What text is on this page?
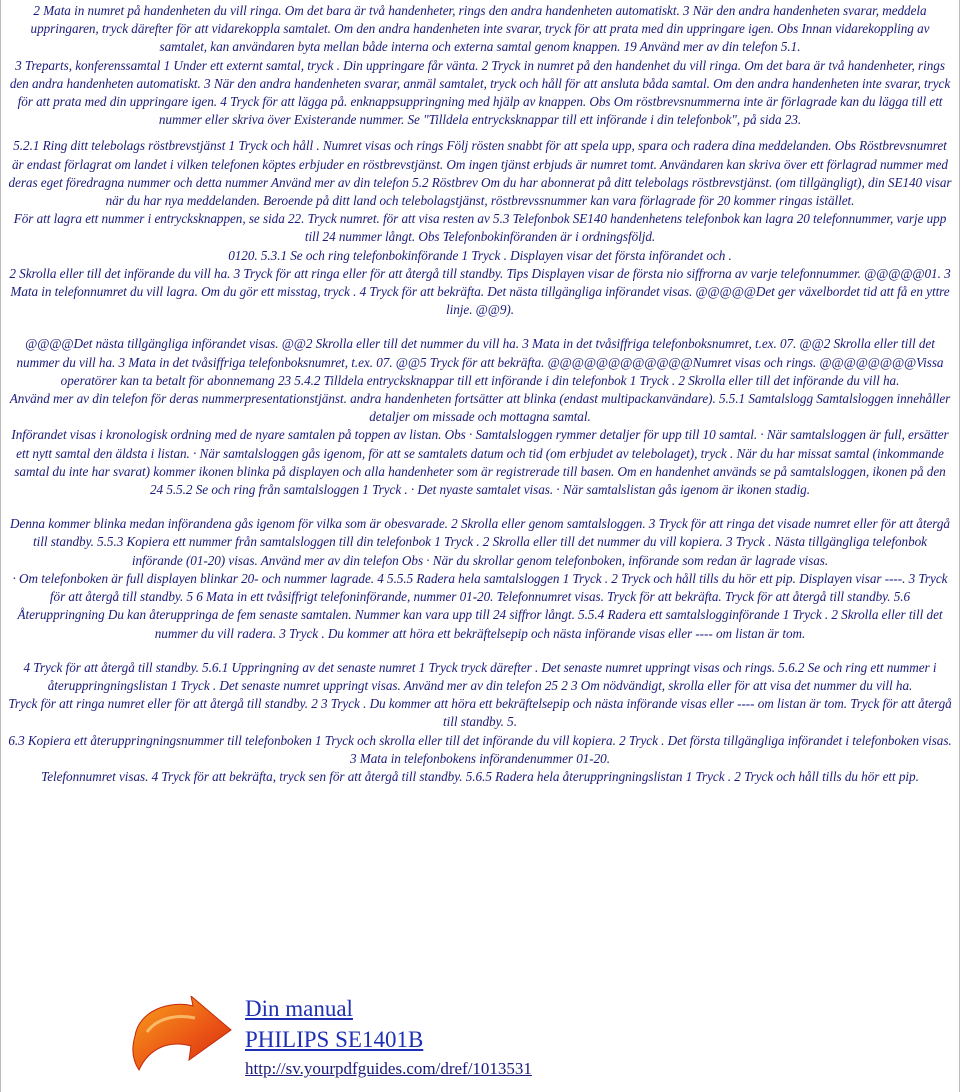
2 Mata in numret på handenheten du vill ringa. Om det bara är två handenheter, rings den andra handenheten automatiskt. 3 När den andra handenheten svarar, meddela uppringaren, tryck därefter för att vidarekoppla samtalet. Om den andra handenheten inte svarar, tryck för att prata med din uppringare igen. Obs Innan vidarekoppling av samtalet, kan användaren byta mellan både interna och externa samtal genom knappen. 19 Använd mer av din telefon 5.1.

3 Treparts, konferenssamtal 1 Under ett externt samtal, tryck . Din uppringare får vänta. 2 Tryck in numret på den handenhet du vill ringa. Om det bara är två handenheter, rings den andra handenheten automatiskt. 3 När den andra handenheten svarar, anmäl samtalet, tryck och håll för att ansluta båda samtal. Om den andra handenheten inte svarar, tryck för att prata med din uppringare igen. 4 Tryck för att lägga på. enknappsuppringning med hjälp av knappen. Obs Om röstbrevsnummerna inte är förlagrade kan du lägga till ett nummer eller skriva över Existerande nummer. Se "Tilldela entrycksknappar till ett införande i din telefonbok", på sida 23.

5.2.1 Ring ditt telebolags röstbrevstjänst 1 Tryck och håll . Numret visas och rings Följ rösten snabbt för att spela upp, spara och radera dina meddelanden. Obs Röstbrevsnumret är endast förlagrat om landet i vilken telefonen köptes erbjuder en röstbrevstjänst. Om ingen tjänst erbjuds är numret tomt. Användaren kan skriva över ett förlagrad nummer med deras eget föredragna nummer och detta nummer Använd mer av din telefon 5.2 Röstbrev Om du har abonnerat på ditt telebolags röstbrevstjänst. (om tillgängligt), din SE140 visar när du har nya meddelanden. Beroende på ditt land och telebolagstjänst, röstbrevssnummer kan vara förlagrade för 20 kommer ringas istället.

För att lagra ett nummer i entrycksknappen, se sida 22. Tryck numret. för att visa resten av 5.3 Telefonbok SE140 handenhetens telefonbok kan lagra 20 telefonnummer, varje upp till 24 nummer långt. Obs Telefonbokinföranden är i ordningsföljd.

0120. 5.3.1 Se och ring telefonbokinförande 1 Tryck . Displayen visar det första införandet och .

2 Skrolla eller till det införande du vill ha. 3 Tryck för att ringa eller för att återgå till standby. Tips Displayen visar de första nio siffrorna av varje telefonnummer. @@@@@01. 3 Mata in telefonnumret du vill lagra. Om du gör ett misstag, tryck . 4 Tryck för att bekräfta. Det nästa tillgängliga införandet visas. @@@@@Det ger växelbordet tid att få en yttre linje. @@9).

@@@@Det nästa tillgängliga införandet visas. @@2 Skrolla eller till det nummer du vill ha. 3 Mata in det tvåsiffriga telefonboksnumret, t.ex. 07. @@2 Skrolla eller till det nummer du vill ha. 3 Mata in det tvåsiffriga telefonboksnumret, t.ex. 07. @@5 Tryck för att bekräfta. @@@@@@@@@@@@Numret visas och rings. @@@@@@@@Vissa operatörer kan ta betalt för abonnemang 23 5.4.2 Tilldela entrycksknappar till ett införande i din telefonbok 1 Tryck . 2 Skrolla eller till det införande du vill ha.

Använd mer av din telefon för deras nummerpresentationstjänst. andra handenheten fortsätter att blinka (endast multipackanvändare). 5.5.1 Samtalslogg Samtalsloggen innehåller detaljer om missade och mottagna samtal.

Införandet visas i kronologisk ordning med de nyare samtalen på toppen av listan. Obs · Samtalsloggen rymmer detaljer för upp till 10 samtal. · När samtalsloggen är full, ersätter ett nytt samtal den äldsta i listan. · När samtalsloggen gås igenom, för att se samtalets datum och tid (om erbjudet av telebolaget), tryck . När du har missat samtal (inkommande samtal du inte har svarat) kommer ikonen blinka på displayen och alla handenheter som är registrerade till basen. Om en handenhet används se på samtalsloggen, ikonen på den 24 5.5.2 Se och ring från samtalsloggen 1 Tryck . · Det nyaste samtalet visas. · När samtalslistan gås igenom är ikonen stadig.

Denna kommer blinka medan införandena gås igenom för vilka som är obesvarade. 2 Skrolla eller genom samtalsloggen. 3 Tryck för att ringa det visade numret eller för att återgå till standby. 5.5.3 Kopiera ett nummer från samtalsloggen till din telefonbok 1 Tryck . 2 Skrolla eller till det nummer du vill kopiera. 3 Tryck . Nästa tillgängliga telefonbok införande (01-20) visas. Använd mer av din telefon Obs · När du skrollar genom telefonboken, införande som redan är lagrade visas.

· Om telefonboken är full displayen blinkar 20- och nummer lagrade. 4 5.5.5 Radera hela samtalsloggen 1 Tryck . 2 Tryck och håll tills du hör ett pip. Displayen visar ----. 3 Tryck för att återgå till standby. 5 6 Mata in ett tvåsiffrigt telefoninförande, nummer 01-20. Telefonnumret visas. Tryck för att bekräfta. Tryck för att återgå till standby. 5.6 Återuppringning Du kan återuppringa de fem senaste samtalen. Nummer kan vara upp till 24 siffror långt. 5.5.4 Radera ett samtalslogginförande 1 Tryck . 2 Skrolla eller till det nummer du vill radera. 3 Tryck . Du kommer att höra ett bekräftelsepip och nästa införande visas eller ---- om listan är tom.

4 Tryck för att återgå till standby. 5.6.1 Uppringning av det senaste numret 1 Tryck tryck därefter . Det senaste numret uppringt visas och rings. 5.6.2 Se och ring ett nummer i återuppringningslistan 1 Tryck . Det senaste numret uppringt visas. Använd mer av din telefon 25 2 3 Om nödvändigt, skrolla eller för att visa det nummer du vill ha.

Tryck för att ringa numret eller för att återgå till standby. 2 3 Tryck . Du kommer att höra ett bekräftelsepip och nästa införande visas eller ---- om listan är tom. Tryck för att återgå till standby. 5.

6.3 Kopiera ett återuppringningsnummer till telefonboken 1 Tryck och skrolla eller till det införande du vill kopiera. 2 Tryck . Det första tillgängliga införandet i telefonboken visas. 3 Mata in telefonbokens införandenummer 01-20.

Telefonnumret visas. 4 Tryck för att bekräfta, tryck sen för att återgå till standby. 5.6.5 Radera hela återuppringningslistan 1 Tryck . 2 Tryck och håll tills du hör ett pip.

Din manual
PHILIPS SE1401B
http://sv.yourpdfguides.com/dref/1013531
